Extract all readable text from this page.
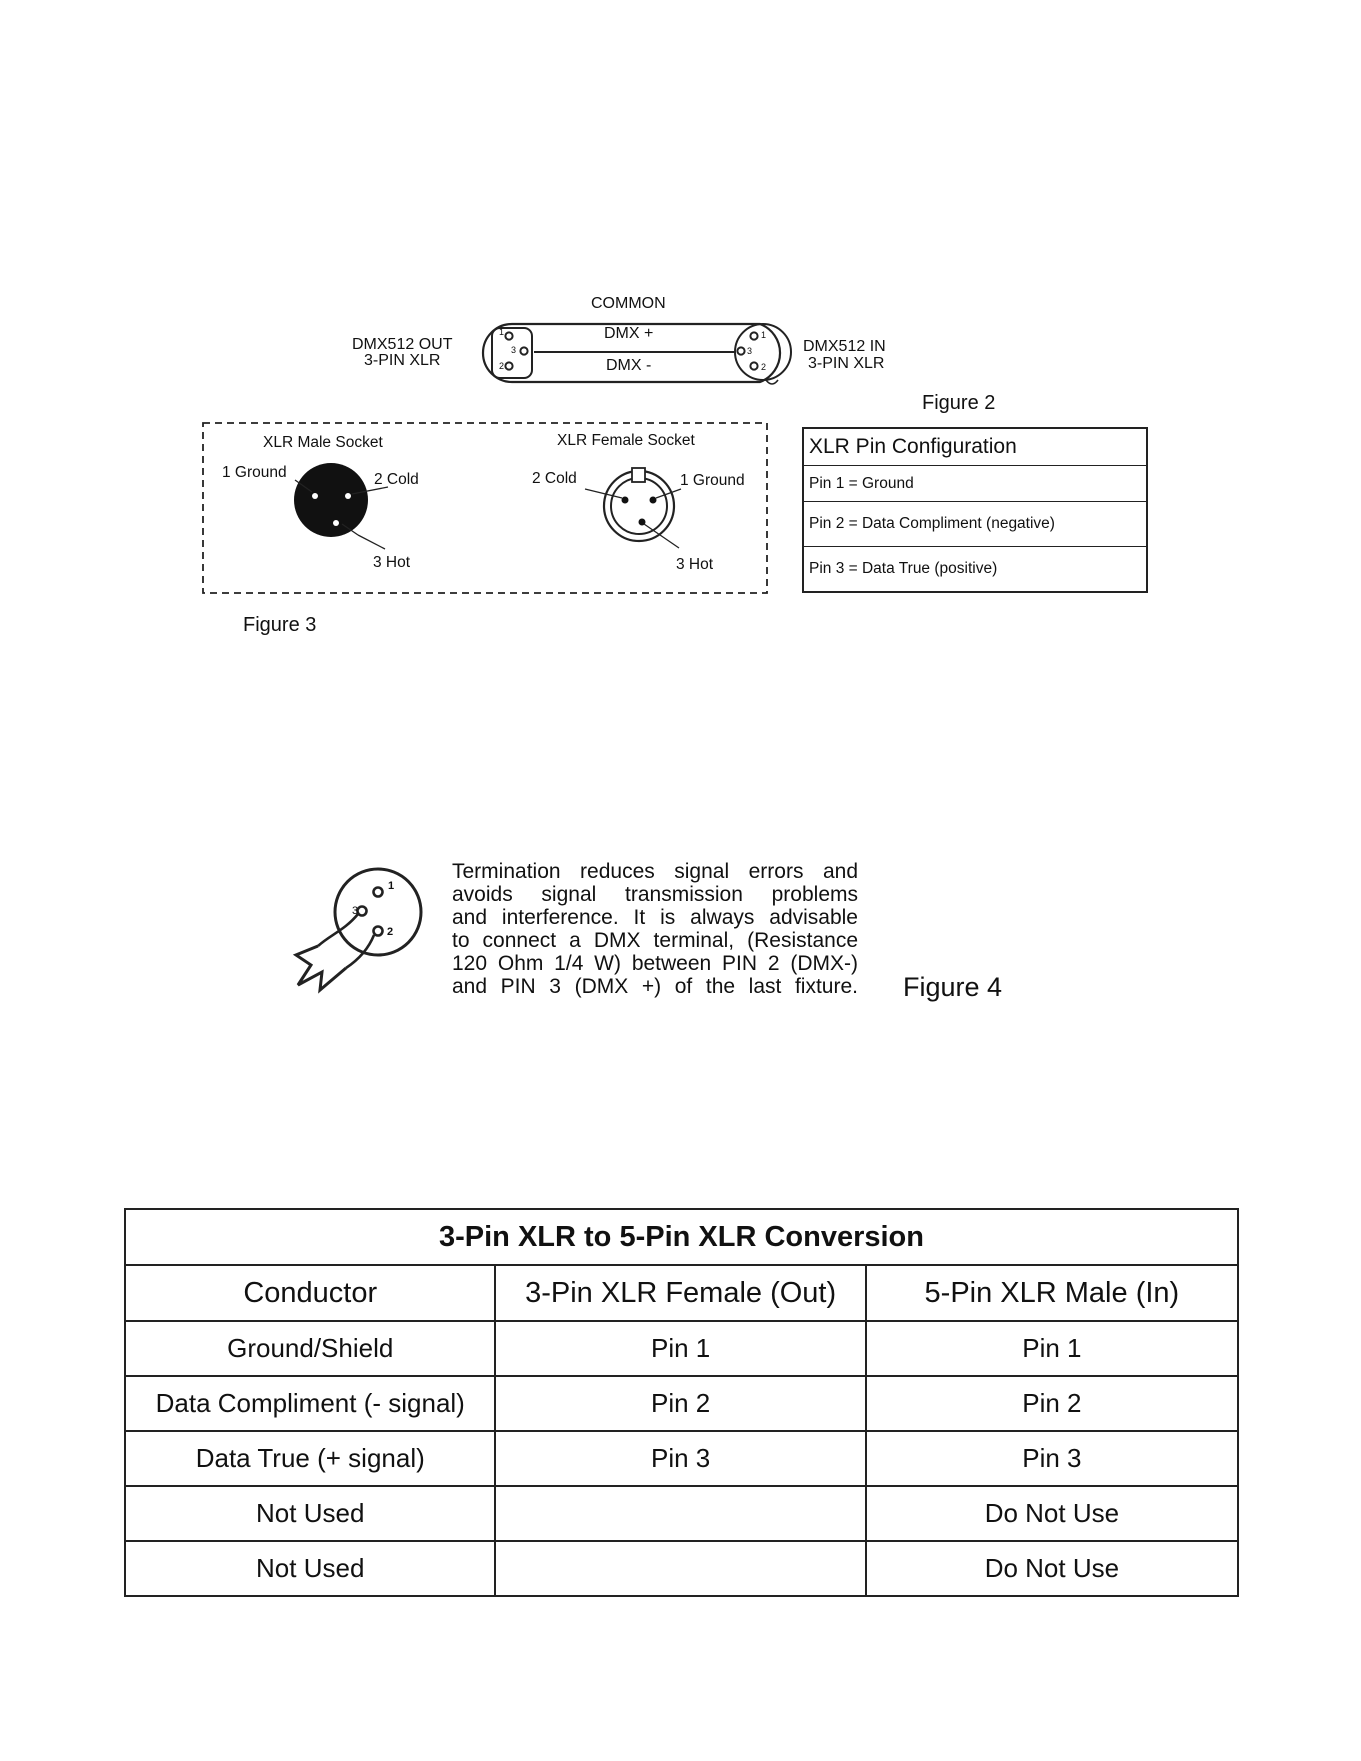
COMMON
DMX +
DMX -
DMX512 OUT
3-PIN XLR
DMX512 IN
3-PIN XLR
1
3
2
1
3
2
Figure 2
XLR Male Socket	XLR Female Socket
1 Ground	2 Cold
3 Hot
2 Cold	1 Ground
3 Hot
Figure 3
XLR Pin Configuration
Pin 1 = Ground
Pin 2 = Data Compliment (negative)
Pin 3 = Data True (positive)
1
3
2
Termination reduces signal errors and
avoids signal transmission problems
and interference. It is always advisable
to connect a DMX terminal, (Resistance
120 Ohm 1/4 W) between PIN 2 (DMX-)
and PIN 3 (DMX +) of the last fixture. Figure 4
3-Pin XLR to 5-Pin XLR Conversion		
Conductor	3-Pin XLR Female (Out)	5-Pin XLR Male (In)
Ground/Shield	Pin 1	Pin 1
Data Compliment (- signal)	Pin 2	Pin 2
Data True (+ signal)	Pin 3	Pin 3
Not Used		Do Not Use
Not Used		Do Not Use
